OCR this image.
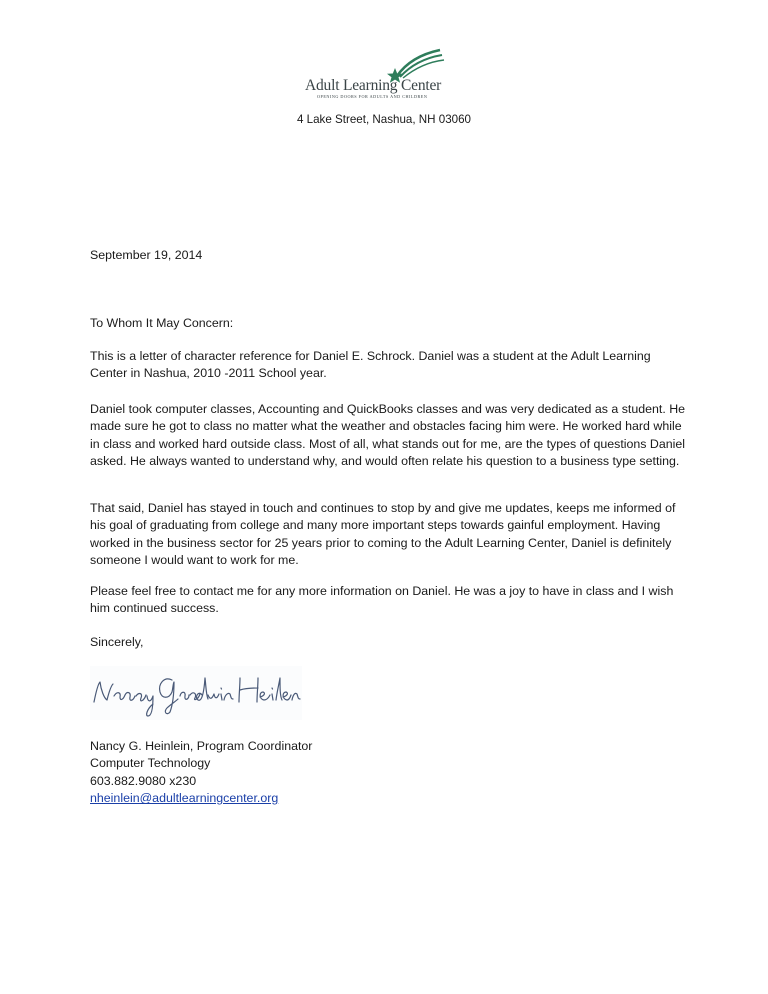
Adult Learning Center
OPENING DOORS FOR ADULTS AND CHILDREN
4 Lake Street, Nashua, NH 03060

September 19, 2014

To Whom It May Concern:

This is a letter of character reference for Daniel E. Schrock. Daniel was a student at the Adult Learning Center in Nashua, 2010 -2011 School year.

Daniel took computer classes, Accounting and QuickBooks classes and was very dedicated as a student. He made sure he got to class no matter what the weather and obstacles facing him were. He worked hard while in class and worked hard outside class. Most of all, what stands out for me, are the types of questions Daniel asked. He always wanted to understand why, and would often relate his question to a business type setting.

That said, Daniel has stayed in touch and continues to stop by and give me updates, keeps me informed of his goal of graduating from college and many more important steps towards gainful employment. Having worked in the business sector for 25 years prior to coming to the Adult Learning Center, Daniel is definitely someone I would want to work for me.

Please feel free to contact me for any more information on Daniel. He was a joy to have in class and I wish him continued success.

Sincerely,

Nancy G. Heinlein, Program Coordinator
Computer Technology
603.882.9080 x230
nheinlein@adultlearningcenter.org
